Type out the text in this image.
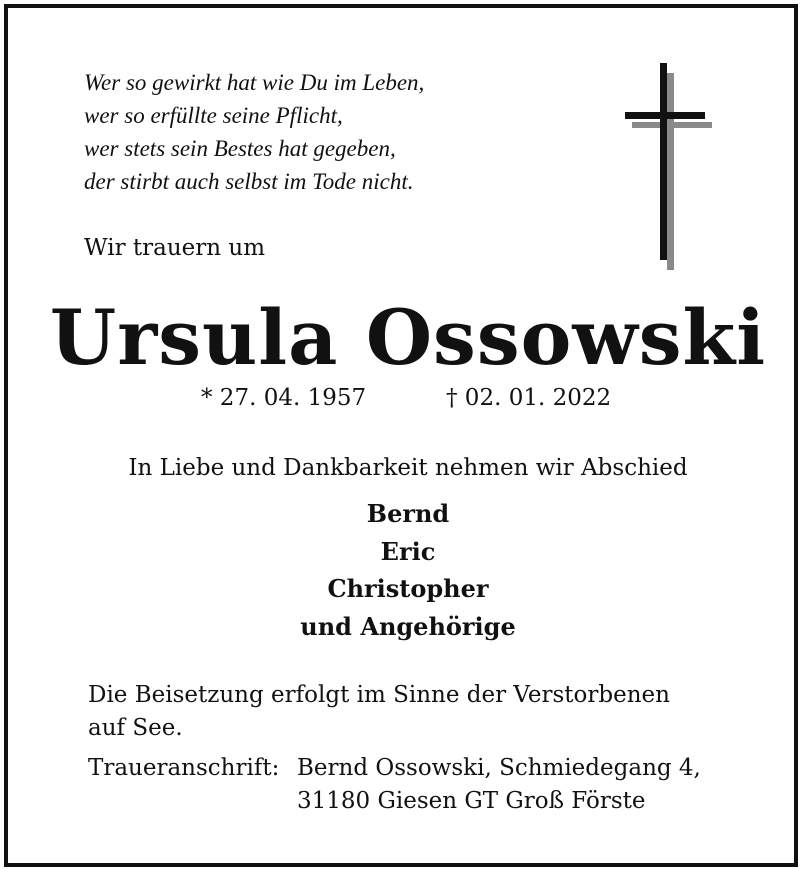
Wer so gewirkt hat wie Du im Leben,
wer so erfüllte seine Pflicht,
wer stets sein Bestes hat gegeben,
der stirbt auch selbst im Tode nicht.
Wir trauern um
Ursula Ossowski
* 27. 04. 1957	† 02. 01. 2022
In Liebe und Dankbarkeit nehmen wir Abschied
Bernd
Eric
Christopher
und Angehörige
Die Beisetzung erfolgt im Sinne der Verstorbenen
auf See.
Traueranschrift: Bernd Ossowski, Schmiedegang 4,
31180 Giesen GT Groß Förste
